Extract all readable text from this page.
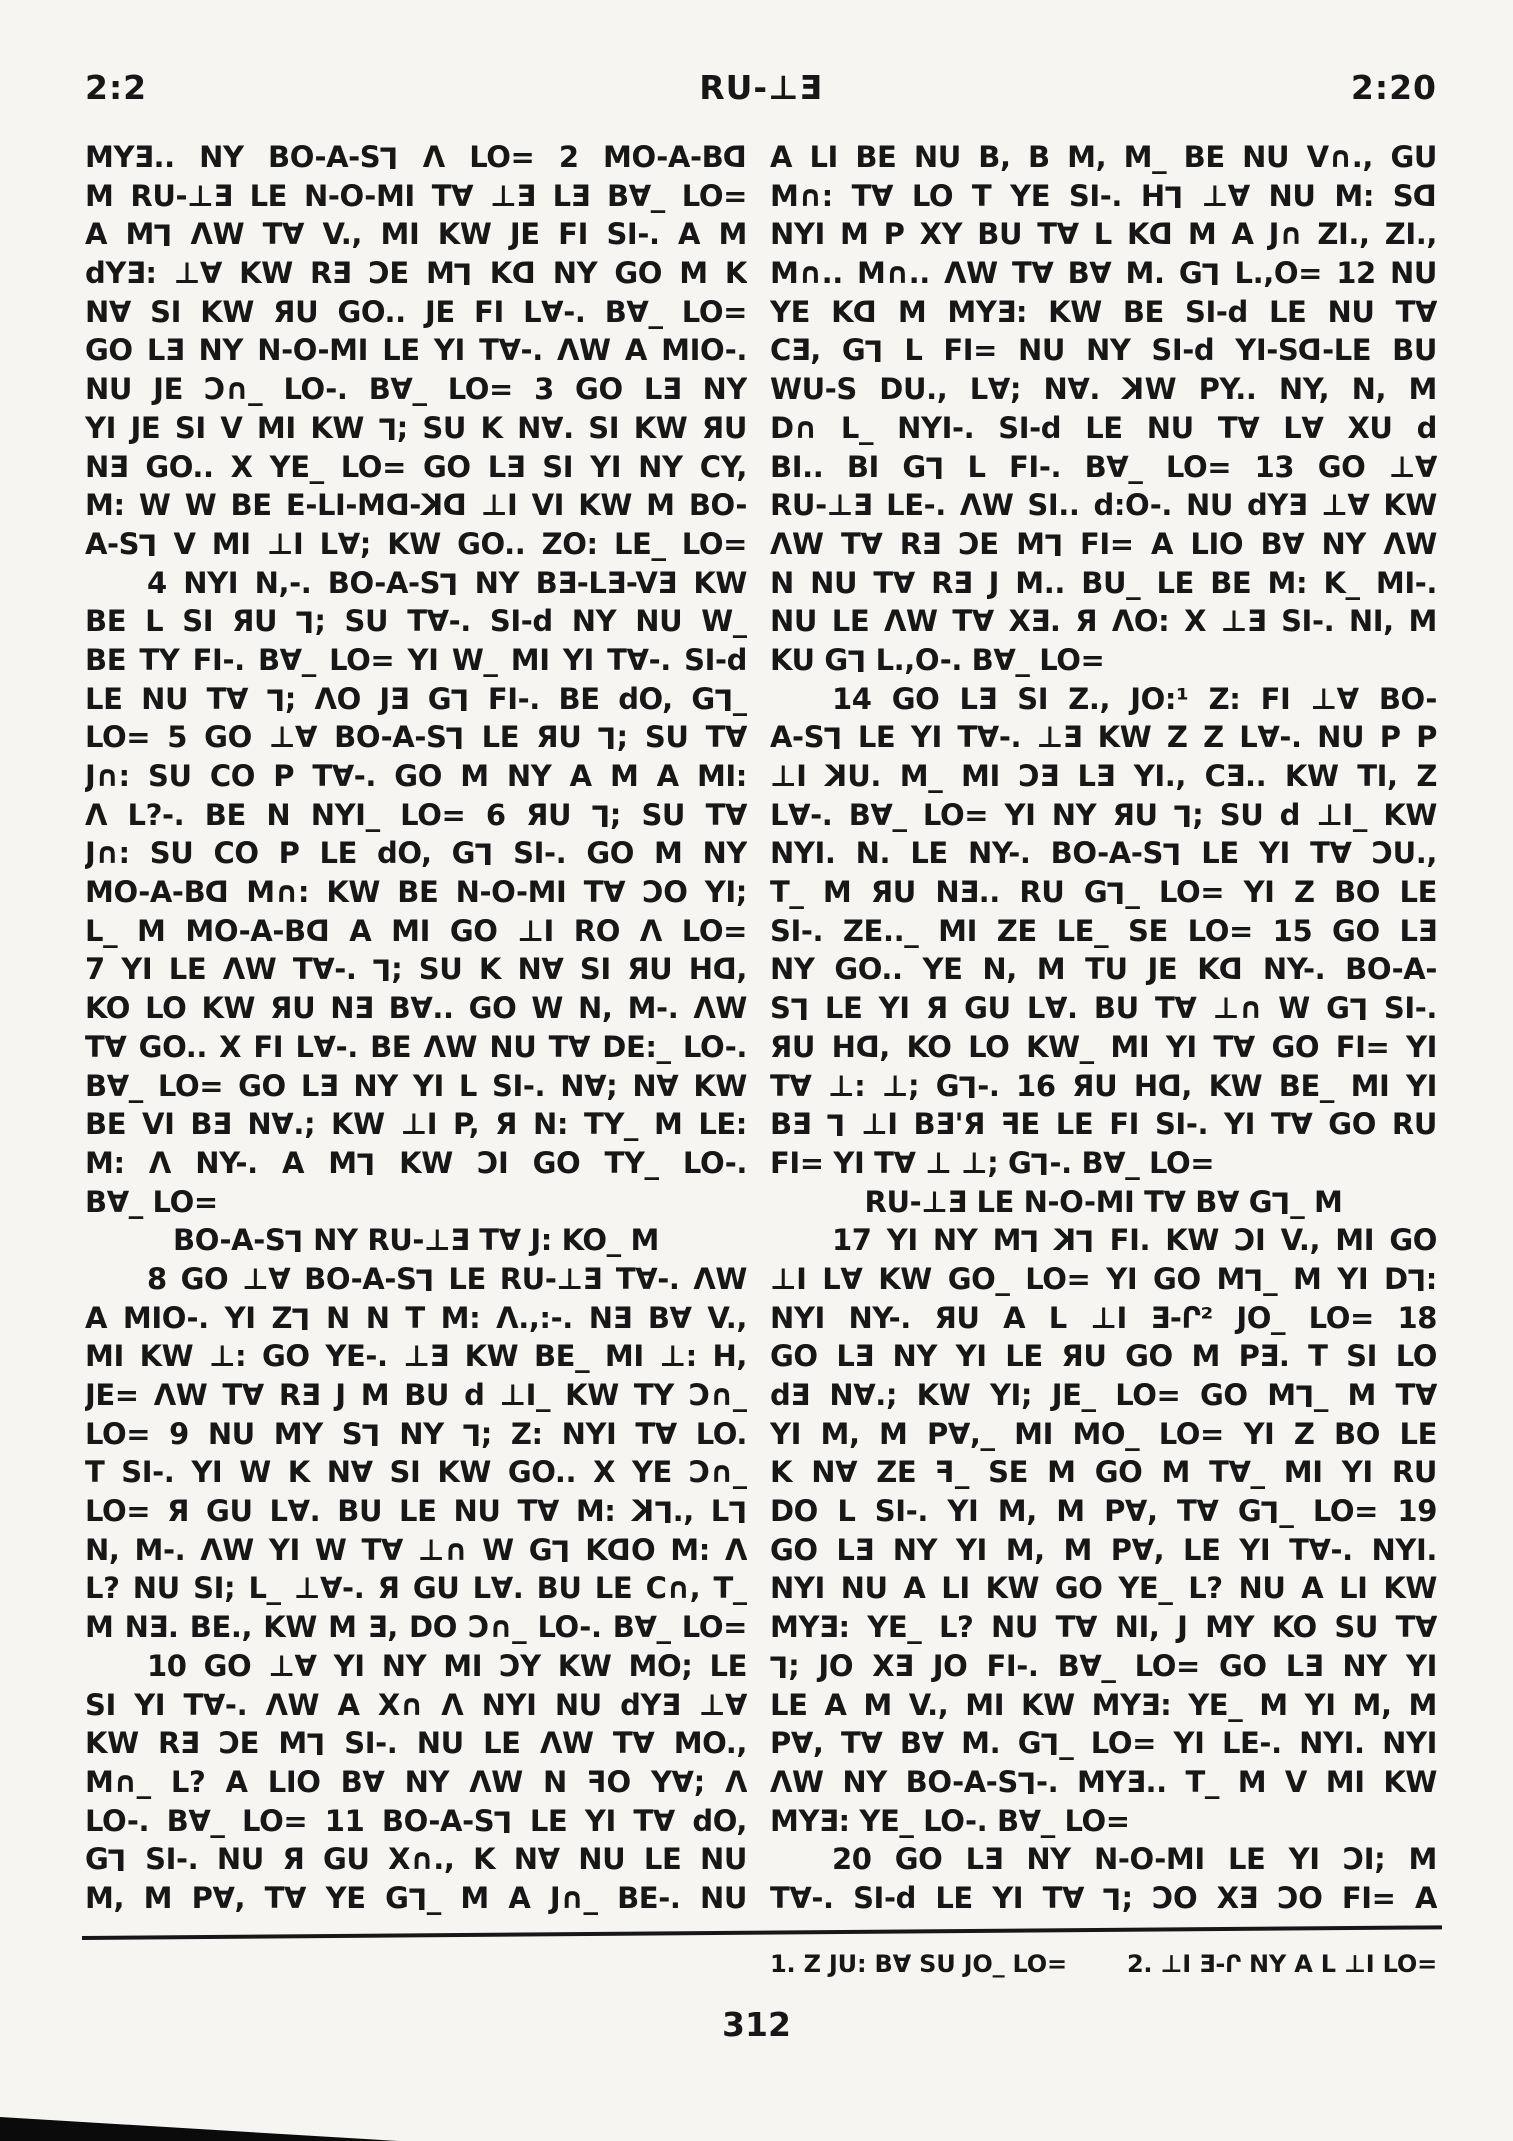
2:2	RU-⊥Ǝ	2:20
MYƎ.. NY BO-A-SL Λ LO= 2 MO-A-BD
M RU-⊥Ǝ LE N-O-MI T∀ ⊥Ǝ LƎ B∀_ LO=
A ML ΛW T∀ V., MI KW JE FI SI-. A M
dYƎ: ⊥∀ KW RƎ ƆE ML KD NY GO M K
N∀ SI KW ЯU GO.. JE FI L∀-. B∀_ LO=
GO LƎ NY N-O-MI LE YI T∀-. ΛW A MIO-.
NU JE Ɔ∩_ LO-. B∀_ LO= 3 GO LƎ NY
YI JE SI V MI KW L; SU K N∀. SI KW ЯU
NƎ GO.. X YE_ LO= GO LƎ SI YI NY CY,
M: W W BE E-LI-MD-KD ⊥I VI KW M BO-
A-SL V MI ⊥I L∀; KW GO.. ZO: LE_ LO=
4 NYI N,-. BO-A-SL NY BƎ-LƎ-VƎ KW
BE L SI ЯU L; SU T∀-. SI-d NY NU W_
BE TY FI-. B∀_ LO= YI W_ MI YI T∀-. SI-d
LE NU T∀ L; ΛO JƎ GL FI-. BE dO, GL_
LO= 5 GO ⊥∀ BO-A-SL LE ЯU L; SU T∀
J∩: SU CO P T∀-. GO M NY A M A MI:
Λ L?-. BE N NYI_ LO= 6 ЯU L; SU T∀
J∩: SU CO P LE dO, GL SI-. GO M NY
MO-A-BD M∩: KW BE N-O-MI T∀ ƆO YI;
L_ M MO-A-BD A MI GO ⊥I RO Λ LO=
7 YI LE ΛW T∀-. L; SU K N∀ SI ЯU HD,
KO LO KW ЯU NƎ B∀.. GO W N, M-. ΛW
T∀ GO.. X FI L∀-. BE ΛW NU T∀ DE:_ LO-.
B∀_ LO= GO LƎ NY YI L SI-. N∀; N∀ KW
BE VI BƎ N∀.; KW ⊥I P, Я N: TY_ M LE:
M: Λ NY-. A ML KW ƆI GO TY_ LO-.
B∀_ LO=
BO-A-SL NY RU-⊥Ǝ T∀ J: KO_ M
8 GO ⊥∀ BO-A-SL LE RU-⊥Ǝ T∀-. ΛW
A MIO-. YI ZL N N T M: Λ.,:-. NƎ B∀ V.,
MI KW ⊥: GO YE-. ⊥Ǝ KW BE_ MI ⊥: H,
JE= ΛW T∀ RƎ J M BU d ⊥I_ KW TY Ɔ∩_
LO= 9 NU MY SL NY L; Z: NYI T∀ LO.
T SI-. YI W K N∀ SI KW GO.. X YE Ɔ∩_
LO= Я GU L∀. BU LE NU T∀ M: KL., LL
N, M-. ΛW YI W T∀ ⊥∩ W GL KDO M: Λ
L? NU SI; L_ ⊥∀-. Я GU L∀. BU LE C∩, T_
M NƎ. BE., KW M Ǝ, DO Ɔ∩_ LO-. B∀_ LO=
10 GO ⊥∀ YI NY MI ƆY KW MO; LE
SI YI T∀-. ΛW A X∩ Λ NYI NU dYƎ ⊥∀
KW RƎ ƆE ML SI-. NU LE ΛW T∀ MO.,
M∩_ L? A LIO B∀ NY ΛW N FO Y∀; Λ
LO-. B∀_ LO= 11 BO-A-SL LE YI T∀ dO,
GL SI-. NU Я GU X∩., K N∀ NU LE NU
M, M P∀, T∀ YE GL_ M A J∩_ BE-. NU
A LI BE NU B, B M, M_ BE NU V∩., GU
M∩: T∀ LO T YE SI-. HL ⊥∀ NU M: SD
NYI M P XY BU T∀ L KD M A J∩ ZI., ZI.,
M∩.. M∩.. ΛW T∀ B∀ M. GL L.,O= 12 NU
YE KD M MYƎ: KW BE SI-d LE NU T∀
CƎ, GL L FI= NU NY SI-d YI-SD-LE BU
WU-S DU., L∀; N∀. KW PY.. NY, N, M
D∩ L_ NYI-. SI-d LE NU T∀ L∀ XU d
BI.. BI GL L FI-. B∀_ LO= 13 GO ⊥∀
RU-⊥Ǝ LE-. ΛW SI.. d:O-. NU dYƎ ⊥∀ KW
ΛW T∀ RƎ ƆE ML FI= A LIO B∀ NY ΛW
N NU T∀ RƎ J M.. BU_ LE BE M: K_ MI-.
NU LE ΛW T∀ XƎ. Я ΛO: X ⊥Ǝ SI-. NI, M
KU GL L.,O-. B∀_ LO=
14 GO LƎ SI Z., JO:¹ Z: FI ⊥∀ BO-
A-SL LE YI T∀-. ⊥Ǝ KW Z Z L∀-. NU P P
⊥I KU. M_ MI ƆƎ LƎ YI., CƎ.. KW TI, Z
L∀-. B∀_ LO= YI NY ЯU L; SU d ⊥I_ KW
NYI. N. LE NY-. BO-A-SL LE YI T∀ ƆU.,
T_ M ЯU NƎ.. RU GL_ LO= YI Z BO LE
SI-. ZE.._ MI ZE LE_ SE LO= 15 GO LƎ
NY GO.. YE N, M TU JE KD NY-. BO-A-
SL LE YI Я GU L∀. BU T∀ ⊥∩ W GL SI-.
ЯU HD, KO LO KW_ MI YI T∀ GO FI= YI
T∀ ⊥: ⊥; GL-. 16 ЯU HD, KW BE_ MI YI
BƎ L ⊥I BƎ'Я FE LE FI SI-. YI T∀ GO RU
FI= YI T∀ ⊥ ⊥; GL-. B∀_ LO=
RU-⊥Ǝ LE N-O-MI T∀ B∀ GL_ M
17 YI NY ML KL FI. KW ƆI V., MI GO
⊥I L∀ KW GO_ LO= YI GO ML_ M YI DL:
NYI NY-. ЯU A L ⊥I Ǝ-Ր² JO_ LO= 18
GO LƎ NY YI LE ЯU GO M PƎ. T SI LO
dƎ N∀.; KW YI; JE_ LO= GO ML_ M T∀
YI M, M P∀,_ MI MO_ LO= YI Z BO LE
K N∀ ZE F_ SE M GO M T∀_ MI YI RU
DO L SI-. YI M, M P∀, T∀ GL_ LO= 19
GO LƎ NY YI M, M P∀, LE YI T∀-. NYI.
NYI NU A LI KW GO YE_ L? NU A LI KW
MYƎ: YE_ L? NU T∀ NI, J MY KO SU T∀
L; JO XƎ JO FI-. B∀_ LO= GO LƎ NY YI
LE A M V., MI KW MYƎ: YE_ M YI M, M
P∀, T∀ B∀ M. GL_ LO= YI LE-. NYI. NYI
ΛW NY BO-A-SL-. MYƎ.. T_ M V MI KW
MYƎ: YE_ LO-. B∀_ LO=
20 GO LƎ NY N-O-MI LE YI ƆI; M
T∀-. SI-d LE YI T∀ L; ƆO XƎ ƆO FI= A
1. Z JU: B∀ SU JO_ LO=	2. ⊥I Ǝ-Ր NY A L ⊥I LO=
312
